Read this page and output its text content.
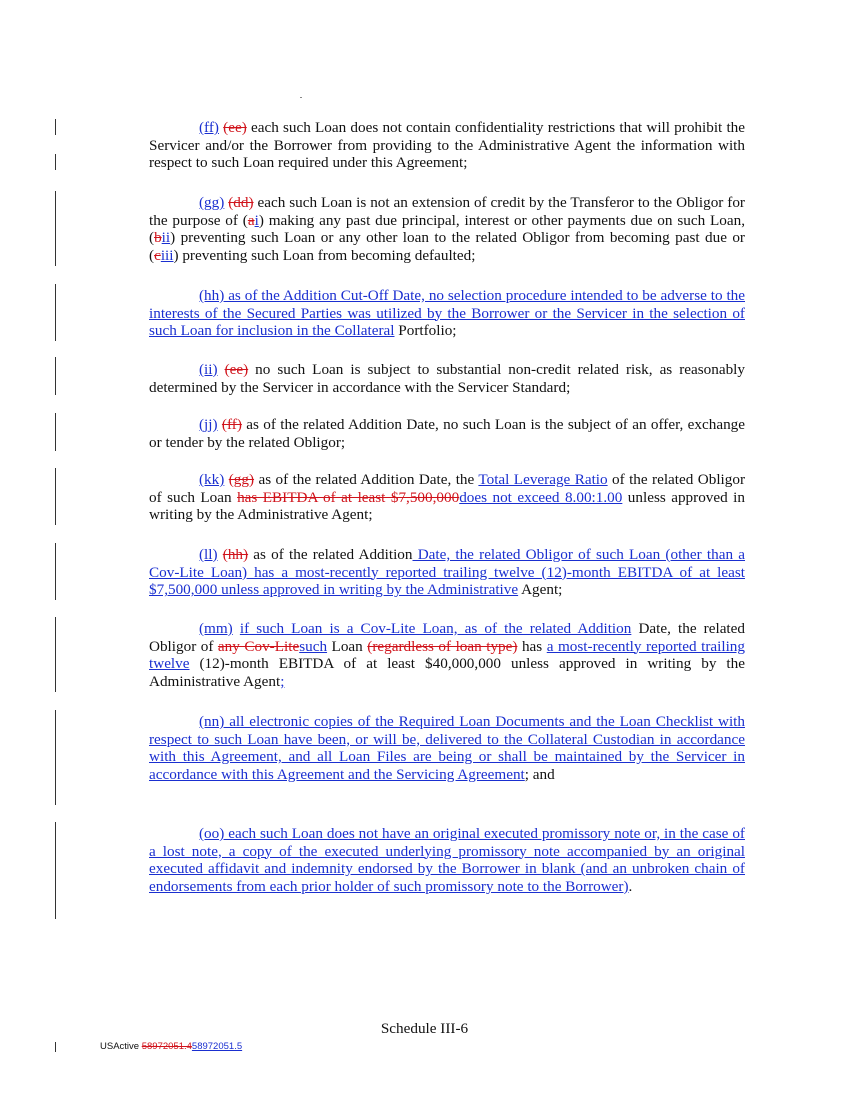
(ff) (ee) each such Loan does not contain confidentiality restrictions that will prohibit the Servicer and/or the Borrower from providing to the Administrative Agent the information with respect to such Loan required under this Agreement;

(gg) (dd) each such Loan is not an extension of credit by the Transferor to the Obligor for the purpose of (ai) making any past due principal, interest or other payments due on such Loan, (bii) preventing such Loan or any other loan to the related Obligor from becoming past due or (ciii) preventing such Loan from becoming defaulted;

(hh) as of the Addition Cut-Off Date, no selection procedure intended to be adverse to the interests of the Secured Parties was utilized by the Borrower or the Servicer in the selection of such Loan for inclusion in the Collateral Portfolio;

(ii) (ee) no such Loan is subject to substantial non-credit related risk, as reasonably determined by the Servicer in accordance with the Servicer Standard;

(jj) (ff) as of the related Addition Date, no such Loan is the subject of an offer, exchange or tender by the related Obligor;

(kk) (gg) as of the related Addition Date, the Total Leverage Ratio of the related Obligor of such Loan has EBITDA of at least $7,500,000does not exceed 8.00:1.00 unless approved in writing by the Administrative Agent;

(ll) (hh) as of the related Addition Date, the related Obligor of such Loan (other than a Cov-Lite Loan) has a most-recently reported trailing twelve (12)-month EBITDA of at least $7,500,000 unless approved in writing by the Administrative Agent;

(mm) if such Loan is a Cov-Lite Loan, as of the related Addition Date, the related Obligor of any Cov-Litesuch Loan (regardless of loan type) has a most-recently reported trailing twelve (12)-month EBITDA of at least $40,000,000 unless approved in writing by the Administrative Agent;

(nn) all electronic copies of the Required Loan Documents and the Loan Checklist with respect to such Loan have been, or will be, delivered to the Collateral Custodian in accordance with this Agreement, and all Loan Files are being or shall be maintained by the Servicer in accordance with this Agreement and the Servicing Agreement; and

(oo) each such Loan does not have an original executed promissory note or, in the case of a lost note, a copy of the executed underlying promissory note accompanied by an original executed affidavit and indemnity endorsed by the Borrower in blank (and an unbroken chain of endorsements from each prior holder of such promissory note to the Borrower).

Schedule III-6
USActive 58972051.458972051.5
